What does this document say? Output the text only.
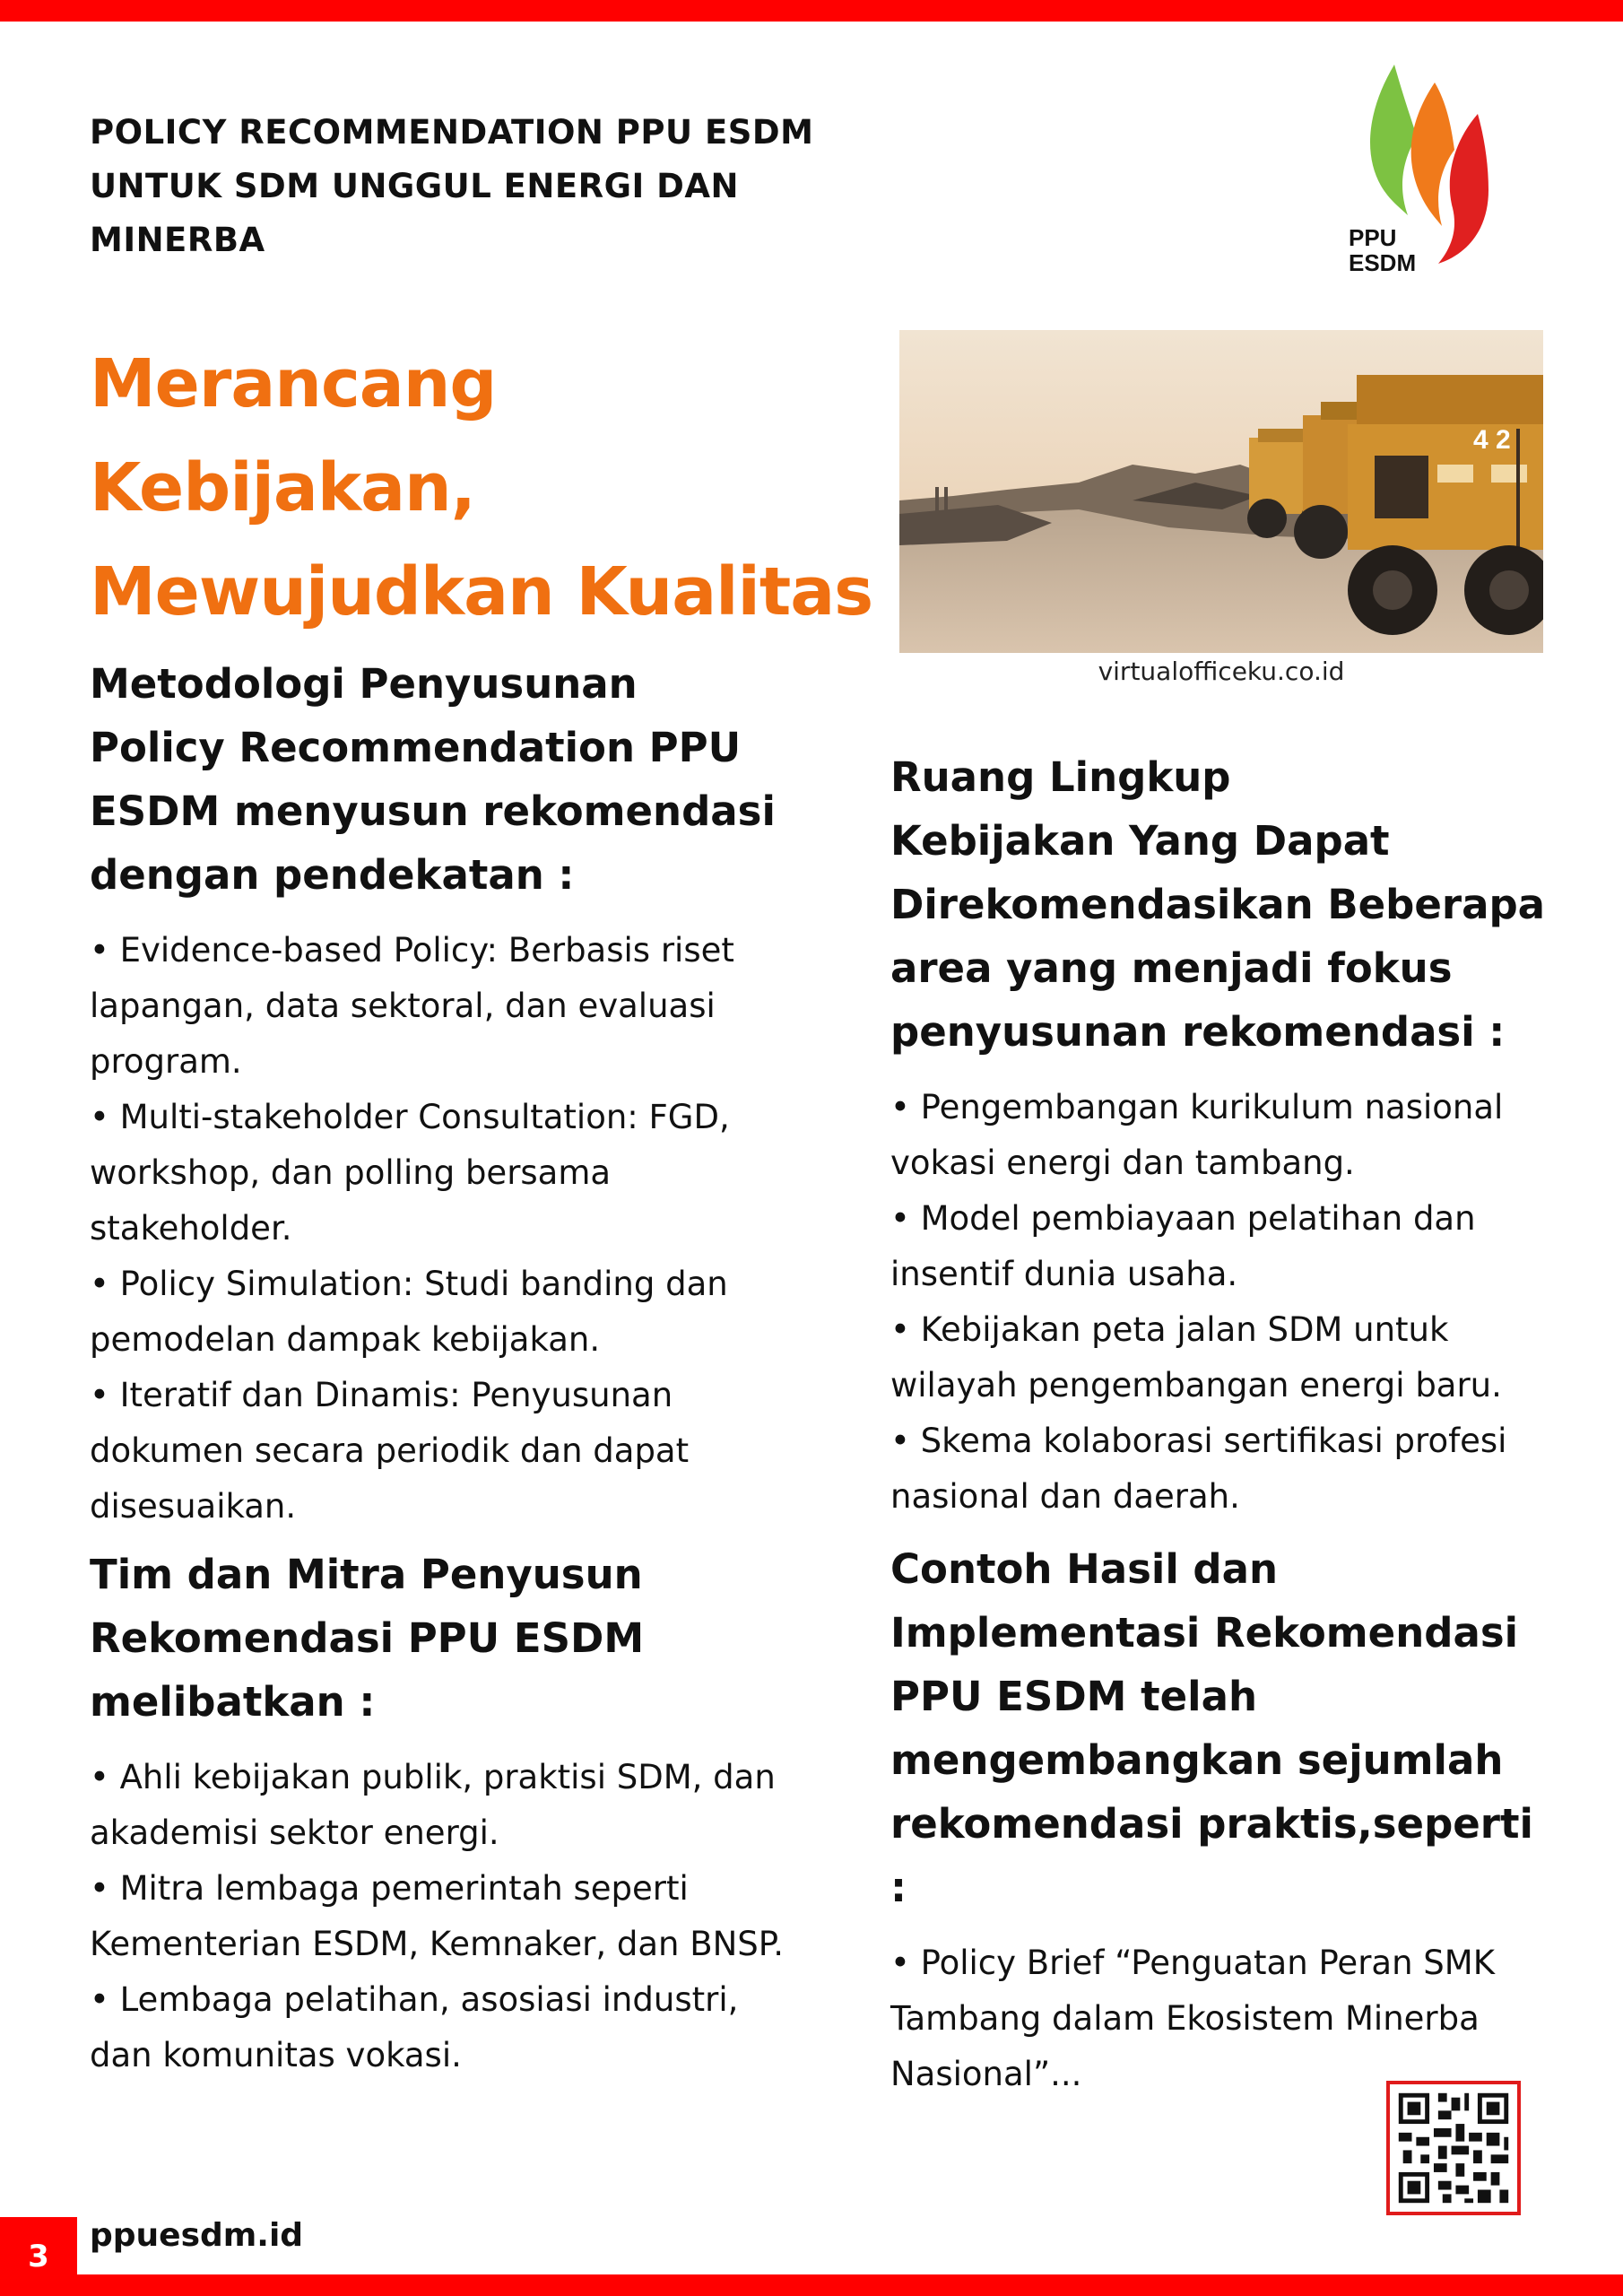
POLICY RECOMMENDATION PPU ESDM
UNTUK SDM UNGGUL ENERGI DAN
MINERBA	PPU
ESDM
Merancang Kebijakan,
Mewujudkan Kualitas
4 2
virtualofficeku.co.id
Metodologi Penyusunan
Policy Recommendation PPU
ESDM menyusun rekomendasi
dengan pendekatan :
• Evidence-based Policy: Berbasis riset lapangan, data sektoral, dan evaluasi program.
• Multi-stakeholder Consultation: FGD, workshop, dan polling bersama stakeholder.
• Policy Simulation: Studi banding dan pemodelan dampak kebijakan.
• Iteratif dan Dinamis: Penyusunan dokumen secara periodik dan dapat disesuaikan.
Tim dan Mitra Penyusun
Rekomendasi PPU ESDM
melibatkan :
• Ahli kebijakan publik, praktisi SDM, dan akademisi sektor energi.
• Mitra lembaga pemerintah seperti Kementerian ESDM, Kemnaker, dan BNSP.
• Lembaga pelatihan, asosiasi industri, dan komunitas vokasi.
Ruang Lingkup
Kebijakan Yang Dapat
Direkomendasikan Beberapa
area yang menjadi fokus
penyusunan rekomendasi :
• Pengembangan kurikulum nasional vokasi energi dan tambang.
• Model pembiayaan pelatihan dan insentif dunia usaha.
• Kebijakan peta jalan SDM untuk wilayah pengembangan energi baru.
• Skema kolaborasi sertifikasi profesi nasional dan daerah.
Contoh Hasil dan
Implementasi Rekomendasi
PPU ESDM telah
mengembangkan sejumlah
rekomendasi praktis,seperti :
• Policy Brief “Penguatan Peran SMK Tambang dalam Ekosistem Minerba Nasional”...
3
ppuesdm.id
